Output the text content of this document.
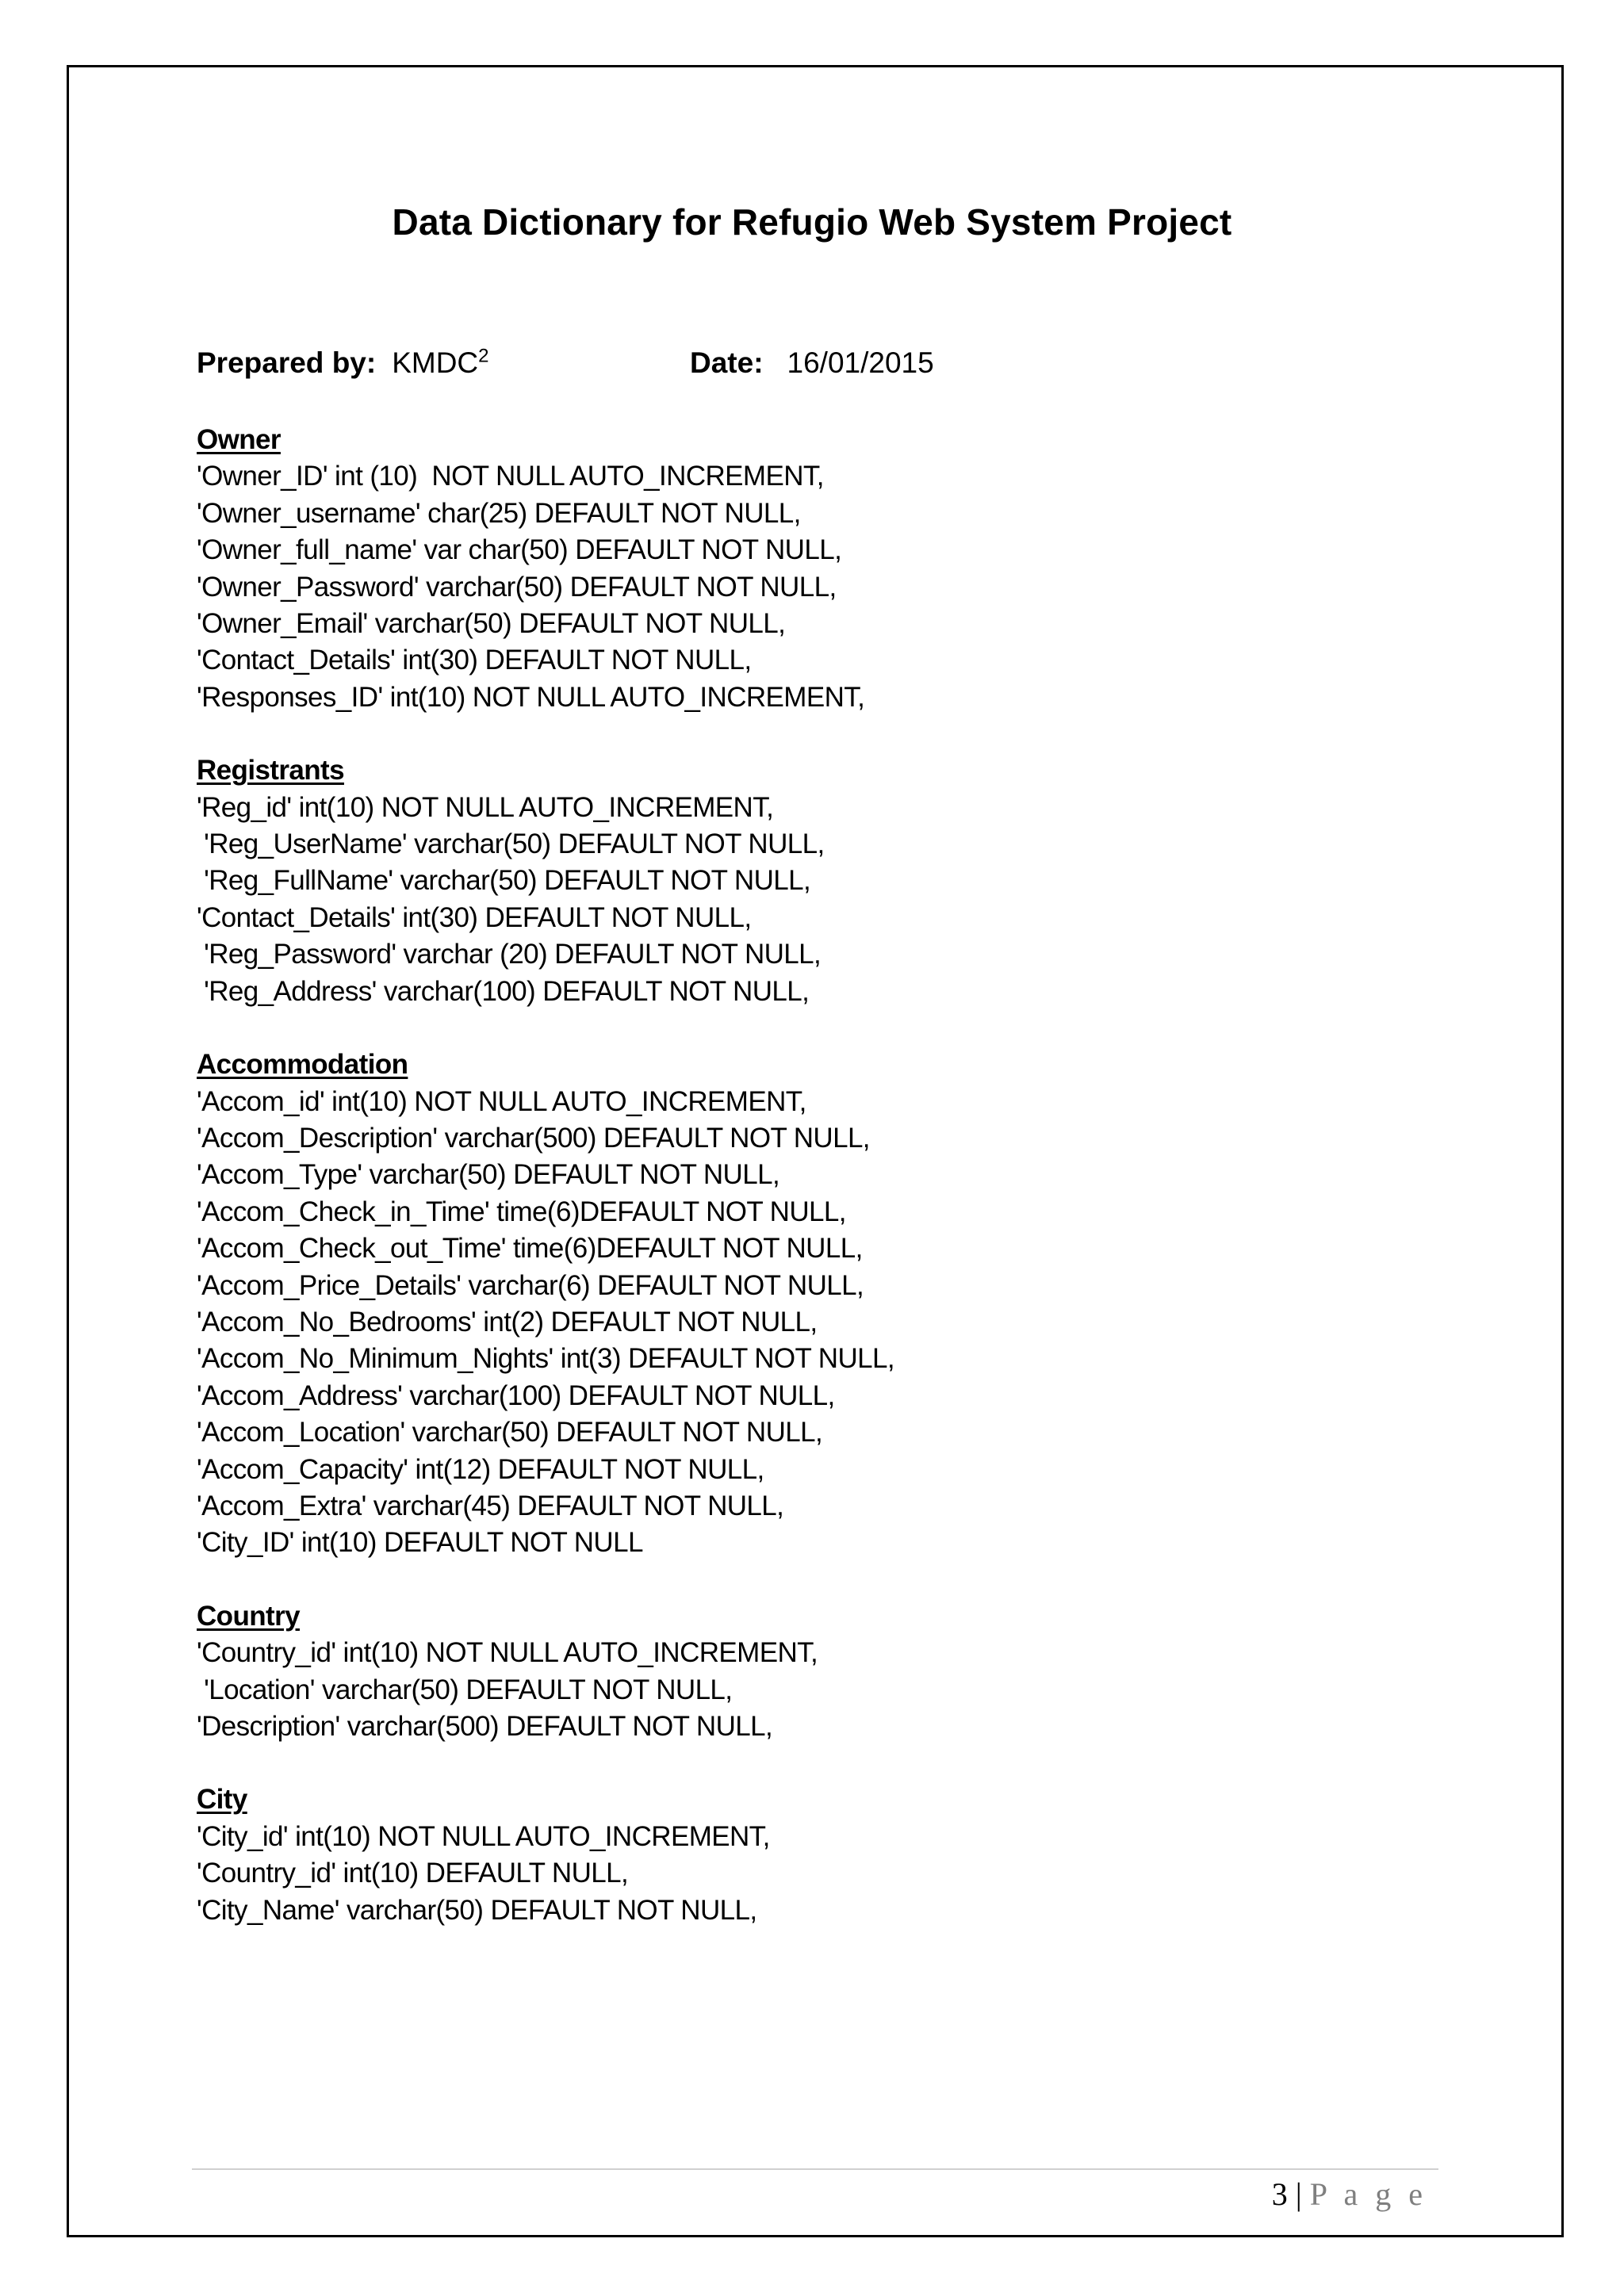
Data Dictionary for Refugio Web System Project
Prepared by: KMDC$^2$	Date: 16/01/2015
Owner
'Owner_ID' int (10)  NOT NULL AUTO_INCREMENT,
'Owner_username' char(25) DEFAULT NOT NULL,
'Owner_full_name' var char(50) DEFAULT NOT NULL,
'Owner_Password' varchar(50) DEFAULT NOT NULL,
'Owner_Email' varchar(50) DEFAULT NOT NULL,
'Contact_Details' int(30) DEFAULT NOT NULL,
'Responses_ID' int(10) NOT NULL AUTO_INCREMENT,
Registrants
'Reg_id' int(10) NOT NULL AUTO_INCREMENT,
'Reg_UserName' varchar(50) DEFAULT NOT NULL,
'Reg_FullName' varchar(50) DEFAULT NOT NULL,
'Contact_Details' int(30) DEFAULT NOT NULL,
'Reg_Password' varchar (20) DEFAULT NOT NULL,
'Reg_Address' varchar(100) DEFAULT NOT NULL,
Accommodation
'Accom_id' int(10) NOT NULL AUTO_INCREMENT,
'Accom_Description' varchar(500) DEFAULT NOT NULL,
'Accom_Type' varchar(50) DEFAULT NOT NULL,
'Accom_Check_in_Time' time(6)DEFAULT NOT NULL,
'Accom_Check_out_Time' time(6)DEFAULT NOT NULL,
'Accom_Price_Details' varchar(6) DEFAULT NOT NULL,
'Accom_No_Bedrooms' int(2) DEFAULT NOT NULL,
'Accom_No_Minimum_Nights' int(3) DEFAULT NOT NULL,
'Accom_Address' varchar(100) DEFAULT NOT NULL,
'Accom_Location' varchar(50) DEFAULT NOT NULL,
'Accom_Capacity' int(12) DEFAULT NOT NULL,
'Accom_Extra' varchar(45) DEFAULT NOT NULL,
'City_ID' int(10) DEFAULT NOT NULL
Country
'Country_id' int(10) NOT NULL AUTO_INCREMENT,
'Location' varchar(50) DEFAULT NOT NULL,
'Description' varchar(500) DEFAULT NOT NULL,
City
'City_id' int(10) NOT NULL AUTO_INCREMENT,
'Country_id' int(10) DEFAULT NULL,
'City_Name' varchar(50) DEFAULT NOT NULL,
3 | P a g e
